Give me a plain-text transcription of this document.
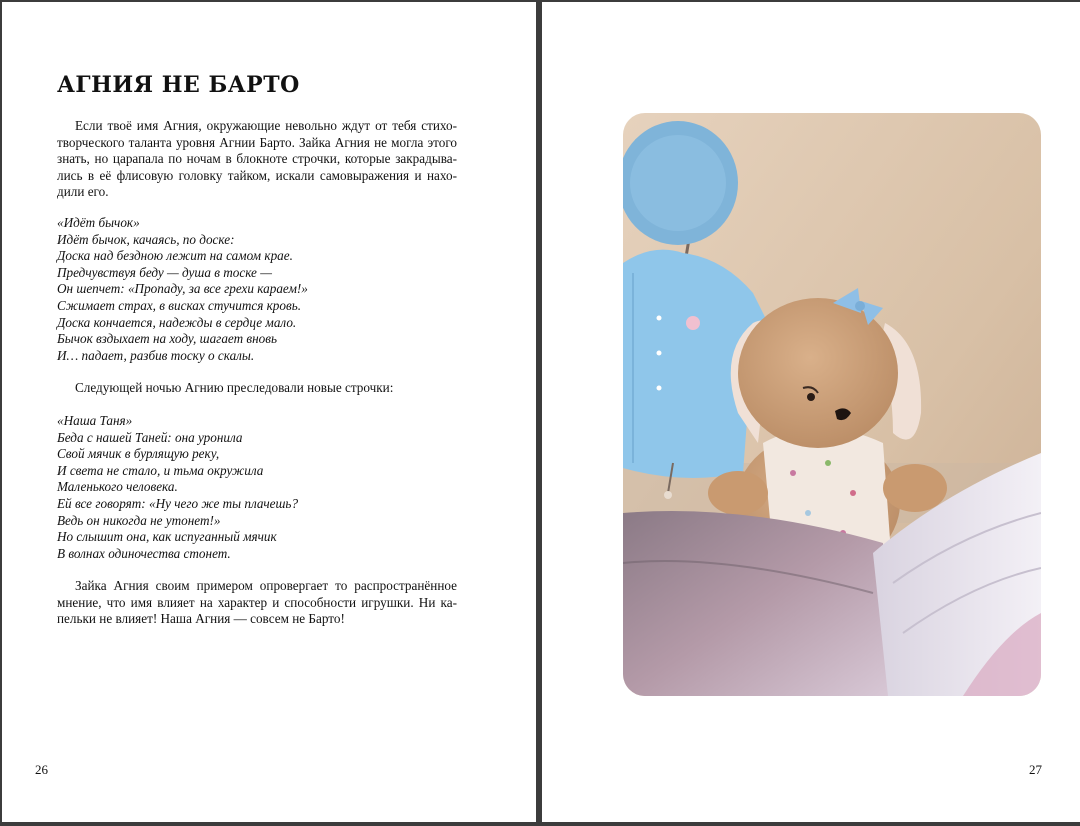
АГНИЯ НЕ БАРТО

Если твоё имя Агния, окружающие невольно ждут от тебя стихо-
творческого таланта уровня Агнии Барто. Зайка Агния не могла этого
знать, но царапала по ночам в блокноте строчки, которые закрадыва-
лись в её флисовую головку тайком, искали самовыражения и нахо-
дили его.

«Идёт бычок»
Идёт бычок, качаясь, по доске:
Доска над бездною лежит на самом крае.
Предчувствуя беду — душа в тоске —
Он шепчет: «Пропаду, за все грехи караем!»
Сжимает страх, в висках стучится кровь.
Доска кончается, надежды в сердце мало.
Бычок вздыхает на ходу, шагает вновь
И… падает, разбив тоску о скалы.

Следующей ночью Агнию преследовали новые строчки:

«Наша Таня»
Беда с нашей Таней: она уронила
Свой мячик в бурлящую реку,
И света не стало, и тьма окружила
Маленького человека.
Ей все говорят: «Ну чего же ты плачешь?
Ведь он никогда не утонет!»
Но слышит она, как испуганный мячик
В волнах одиночества стонет.

Зайка Агния своим примером опровергает то распространённое
мнение, что имя влияет на характер и способности игрушки. Ни ка-
пельки не влияет! Наша Агния — совсем не Барто!

26	27
